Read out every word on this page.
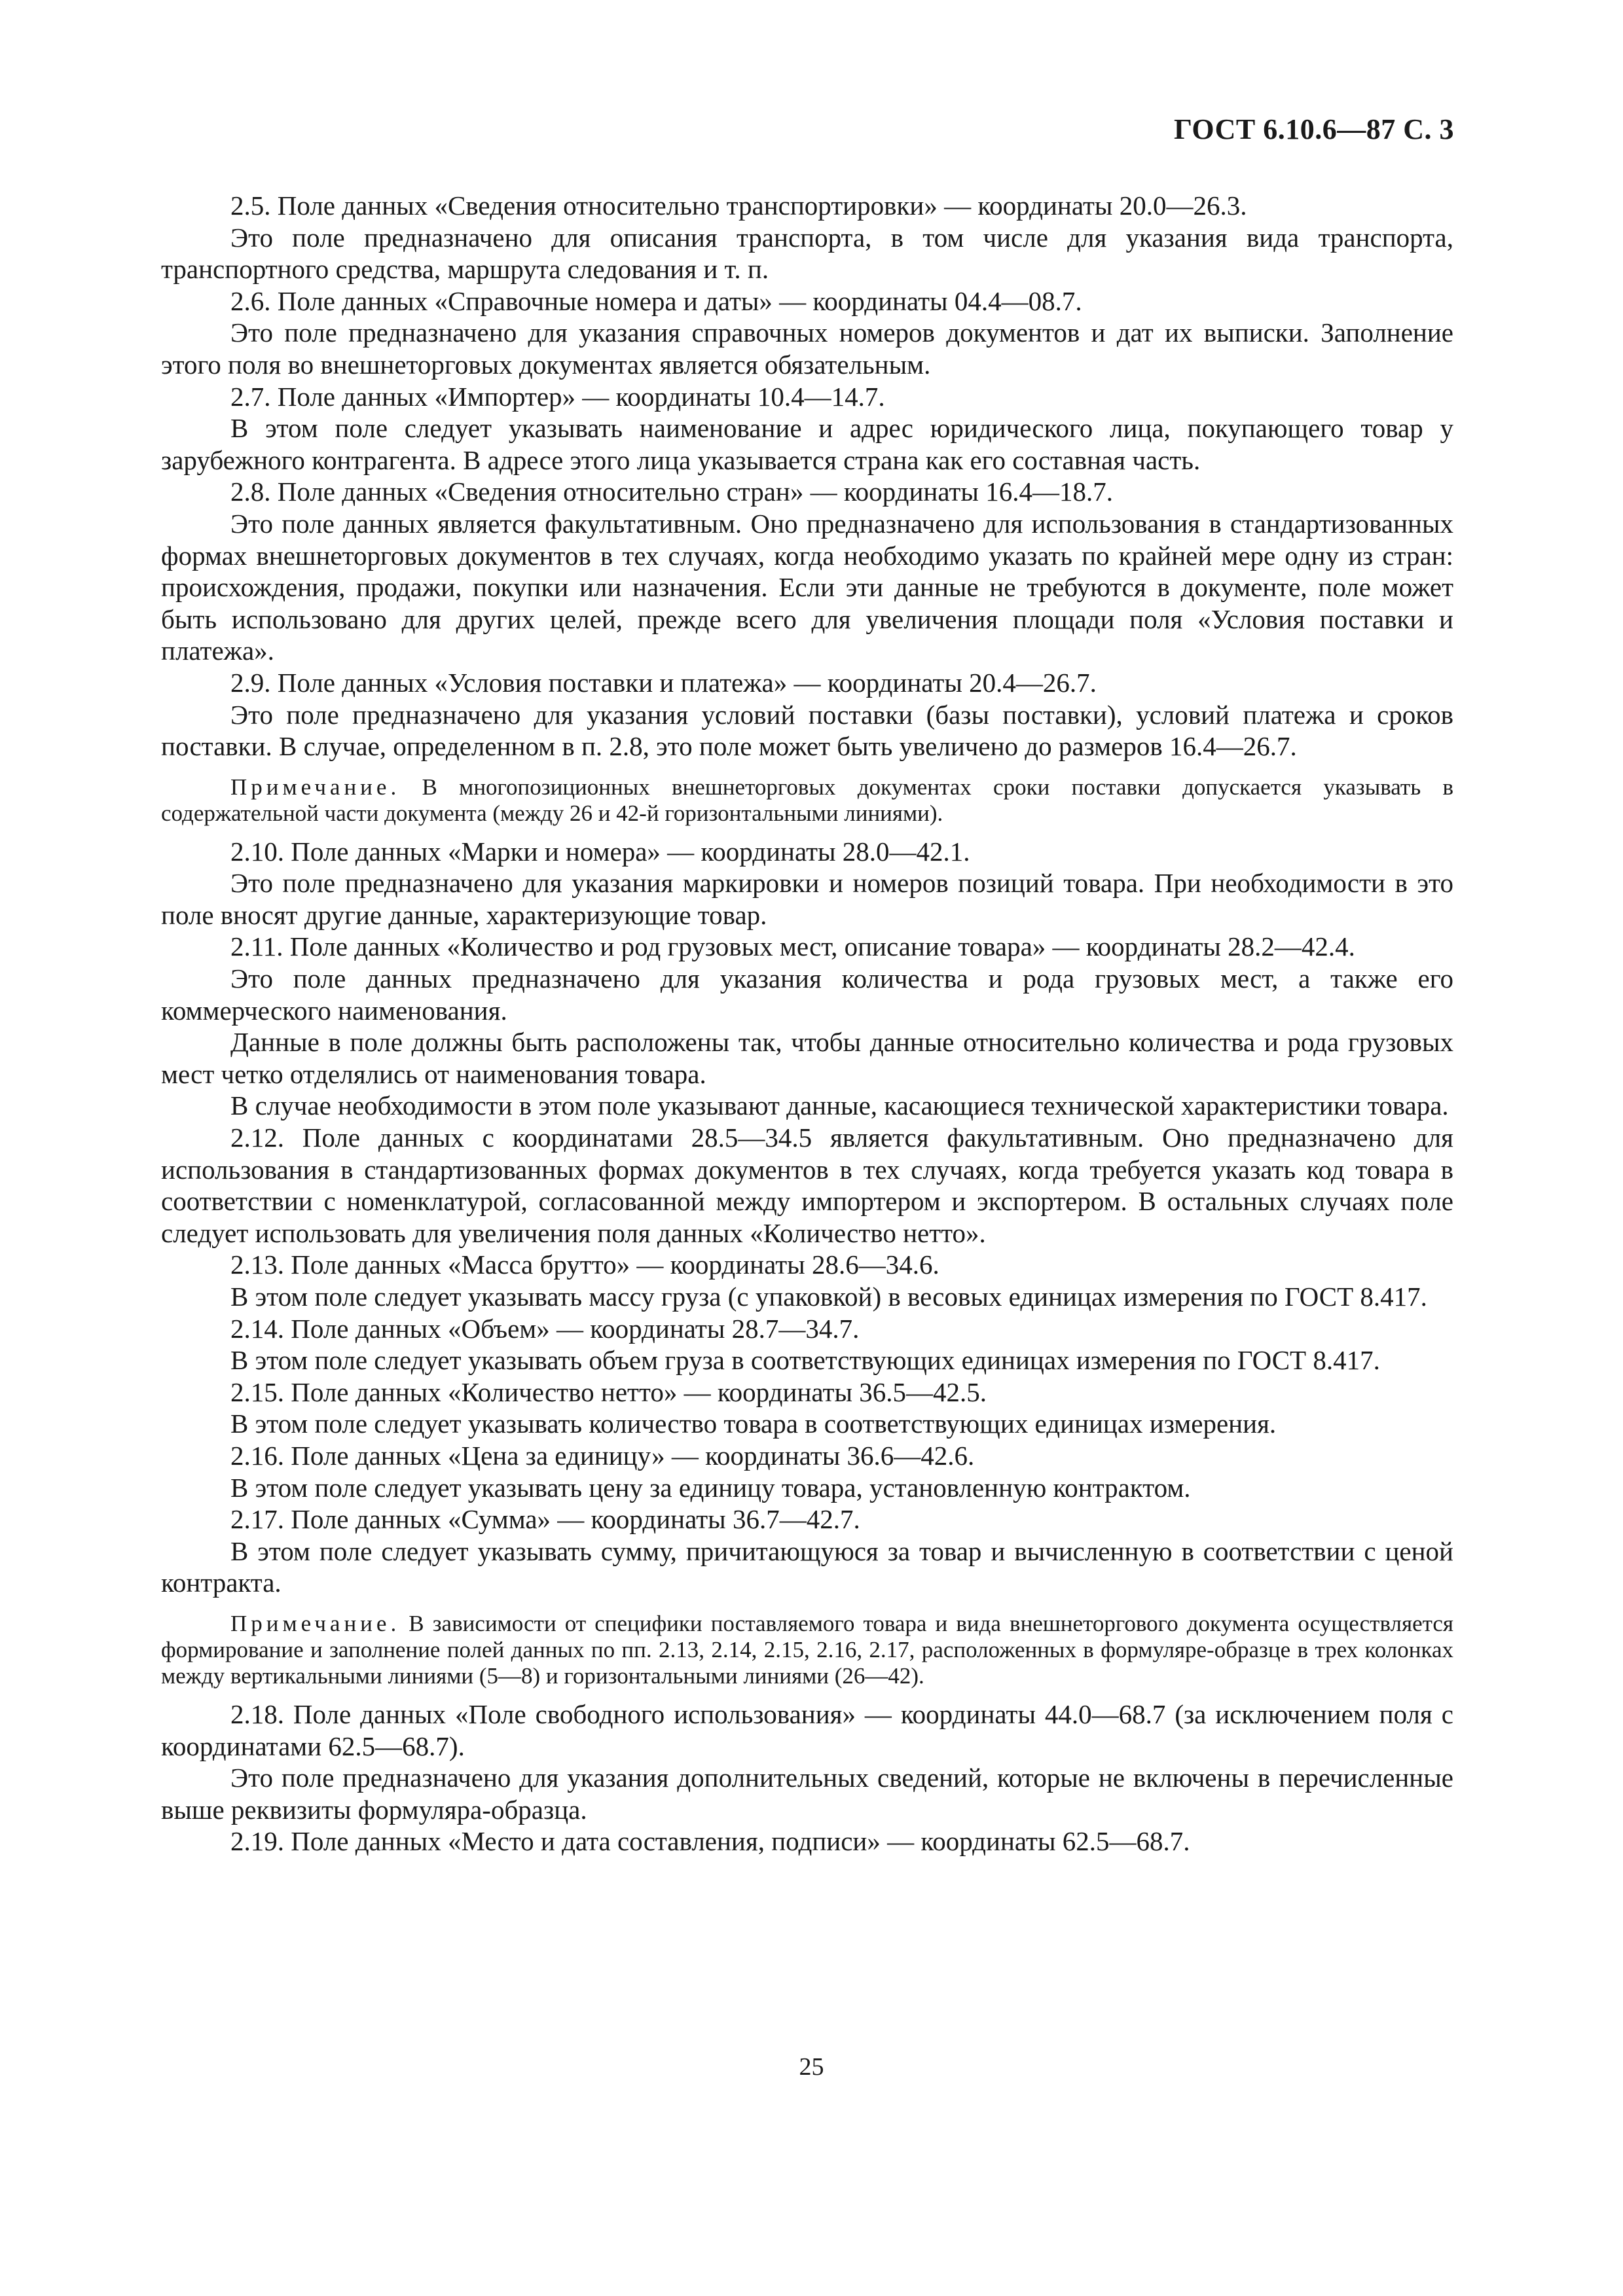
ГОСТ 6.10.6—87 С. 3

2.5. Поле данных «Сведения относительно транспортировки» — координаты 20.0—26.3.

Это поле предназначено для описания транспорта, в том числе для указания вида транспорта, транспортного средства, маршрута следования и т. п.

2.6. Поле данных «Справочные номера и даты» — координаты 04.4—08.7.

Это поле предназначено для указания справочных номеров документов и дат их выписки. Заполнение этого поля во внешнеторговых документах является обязательным.

2.7. Поле данных «Импортер» — координаты 10.4—14.7.

В этом поле следует указывать наименование и адрес юридического лица, покупающего товар у зарубежного контрагента. В адресе этого лица указывается страна как его составная часть.

2.8. Поле данных «Сведения относительно стран» — координаты 16.4—18.7.

Это поле данных является факультативным. Оно предназначено для использования в стандартизованных формах внешнеторговых документов в тех случаях, когда необходимо указать по крайней мере одну из стран: происхождения, продажи, покупки или назначения. Если эти данные не требуются в документе, поле может быть использовано для других целей, прежде всего для увеличения площади поля «Условия поставки и платежа».

2.9. Поле данных «Условия поставки и платежа» — координаты 20.4—26.7.

Это поле предназначено для указания условий поставки (базы поставки), условий платежа и сроков поставки. В случае, определенном в п. 2.8, это поле может быть увеличено до размеров 16.4—26.7.

Примечание. В многопозиционных внешнеторговых документах сроки поставки допускается указывать в содержательной части документа (между 26 и 42-й горизонтальными линиями).

2.10. Поле данных «Марки и номера» — координаты 28.0—42.1.

Это поле предназначено для указания маркировки и номеров позиций товара. При необходимости в это поле вносят другие данные, характеризующие товар.

2.11. Поле данных «Количество и род грузовых мест, описание товара» — координаты 28.2—42.4.

Это поле данных предназначено для указания количества и рода грузовых мест, а также его коммерческого наименования.

Данные в поле должны быть расположены так, чтобы данные относительно количества и рода грузовых мест четко отделялись от наименования товара.

В случае необходимости в этом поле указывают данные, касающиеся технической характеристики товара.

2.12. Поле данных с координатами 28.5—34.5 является факультативным. Оно предназначено для использования в стандартизованных формах документов в тех случаях, когда требуется указать код товара в соответствии с номенклатурой, согласованной между импортером и экспортером. В остальных случаях поле следует использовать для увеличения поля данных «Количество нетто».

2.13. Поле данных «Масса брутто» — координаты 28.6—34.6.

В этом поле следует указывать массу груза (с упаковкой) в весовых единицах измерения по ГОСТ 8.417.

2.14. Поле данных «Объем» — координаты 28.7—34.7.

В этом поле следует указывать объем груза в соответствующих единицах измерения по ГОСТ 8.417.

2.15. Поле данных «Количество нетто» — координаты 36.5—42.5.

В этом поле следует указывать количество товара в соответствующих единицах измерения.

2.16. Поле данных «Цена за единицу» — координаты 36.6—42.6.

В этом поле следует указывать цену за единицу товара, установленную контрактом.

2.17. Поле данных «Сумма» — координаты 36.7—42.7.

В этом поле следует указывать сумму, причитающуюся за товар и вычисленную в соответствии с ценой контракта.

Примечание. В зависимости от специфики поставляемого товара и вида внешнеторгового документа осуществляется формирование и заполнение полей данных по пп. 2.13, 2.14, 2.15, 2.16, 2.17, расположенных в формуляре-образце в трех колонках между вертикальными линиями (5—8) и горизонтальными линиями (26—42).

2.18. Поле данных «Поле свободного использования» — координаты 44.0—68.7 (за исключением поля с координатами 62.5—68.7).

Это поле предназначено для указания дополнительных сведений, которые не включены в перечисленные выше реквизиты формуляра-образца.

2.19. Поле данных «Место и дата составления, подписи» — координаты 62.5—68.7.

25
